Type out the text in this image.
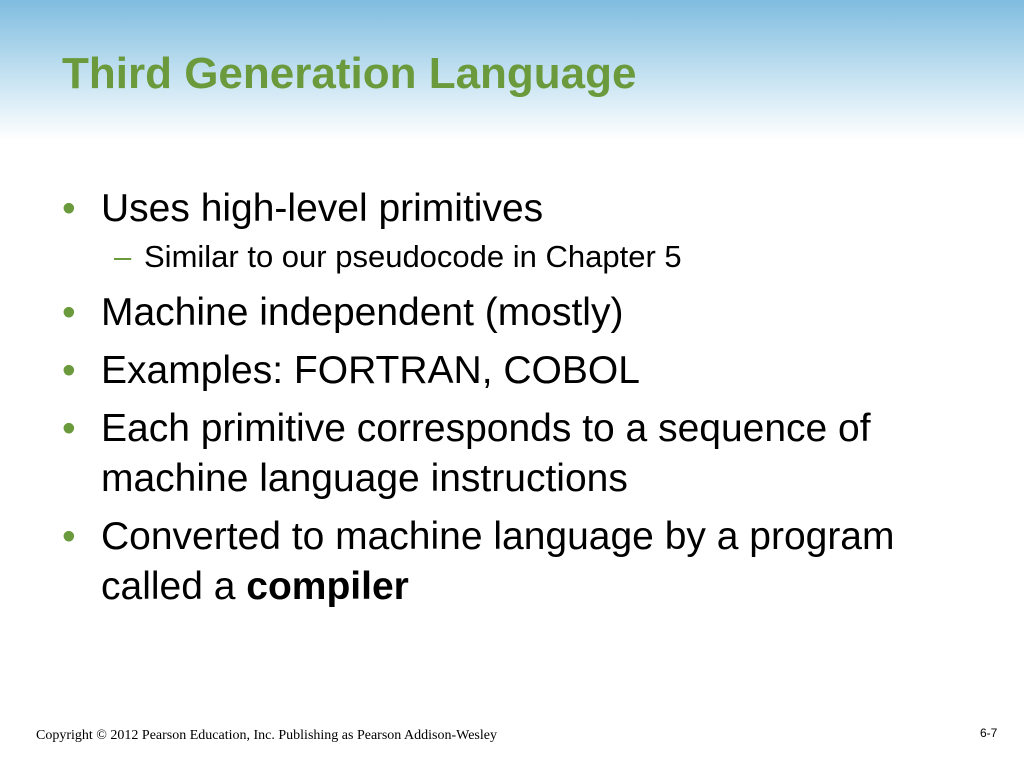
Third Generation Language
• Uses high-level primitives
– Similar to our pseudocode in Chapter 5
• Machine independent (mostly)
• Examples: FORTRAN, COBOL
• Each primitive corresponds to a sequence of machine language instructions
• Converted to machine language by a program called a compiler
Copyright © 2012 Pearson Education, Inc. Publishing as Pearson Addison-Wesley	6-7
